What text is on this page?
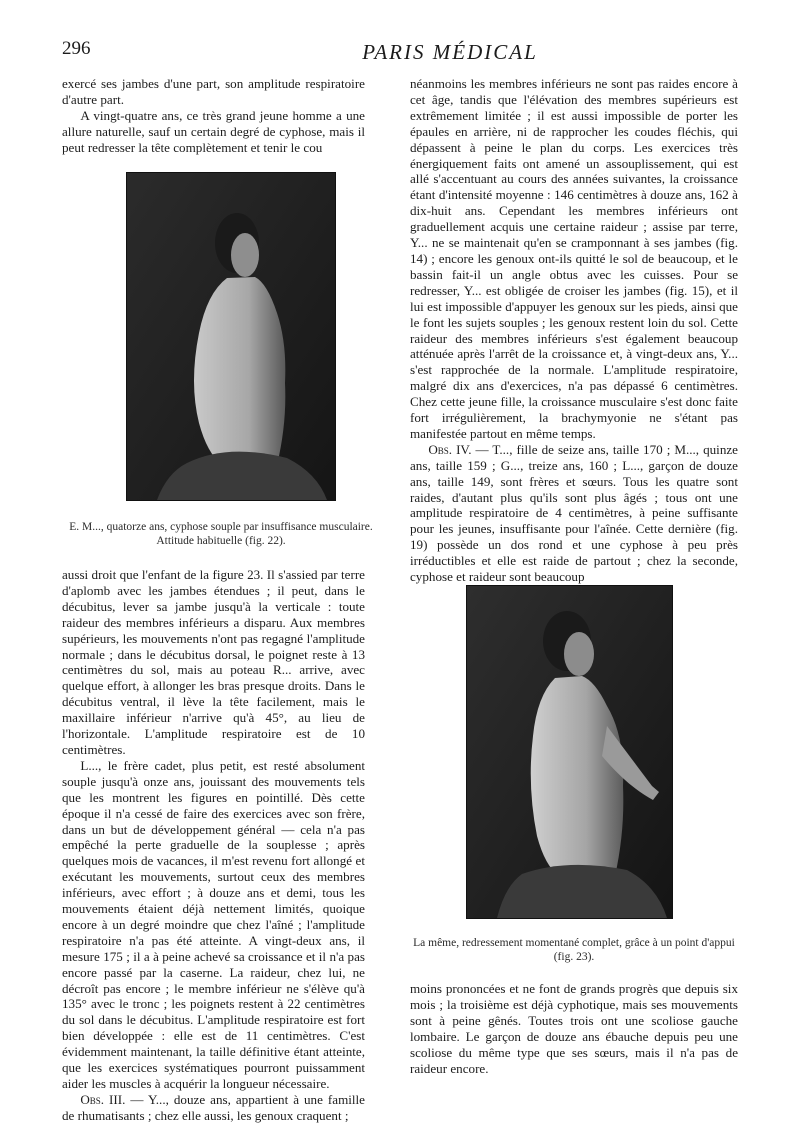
296	PARIS MÉDICAL

exercé ses jambes d'une part, son amplitude respiratoire d'autre part.

A vingt-quatre ans, ce très grand jeune homme a une allure naturelle, sauf un certain degré de cyphose, mais il peut redresser la tête complètement et tenir le cou

E. M..., quatorze ans, cyphose souple par insuffisance musculaire. Attitude habituelle (fig. 22).

aussi droit que l'enfant de la figure 23. Il s'assied par terre d'aplomb avec les jambes étendues ; il peut, dans le décubitus, lever sa jambe jusqu'à la verticale : toute raideur des membres inférieurs a disparu. Aux membres supérieurs, les mouvements n'ont pas regagné l'amplitude normale ; dans le décubitus dorsal, le poignet reste à 13 centimètres du sol, mais au poteau R... arrive, avec quelque effort, à allonger les bras presque droits. Dans le décubitus ventral, il lève la tête facilement, mais le maxillaire inférieur n'arrive qu'à 45°, au lieu de l'horizontale. L'amplitude respiratoire est de 10 centimètres.

L..., le frère cadet, plus petit, est resté absolument souple jusqu'à onze ans, jouissant des mouvements tels que les montrent les figures en pointillé. Dès cette époque il n'a cessé de faire des exercices avec son frère, dans un but de développement général — cela n'a pas empêché la perte graduelle de la souplesse ; après quelques mois de vacances, il m'est revenu fort allongé et exécutant les mouvements, surtout ceux des membres inférieurs, avec effort ; à douze ans et demi, tous les mouvements étaient déjà nettement limités, quoique encore à un degré moindre que chez l'aîné ; l'amplitude respiratoire n'a pas été atteinte. A vingt-deux ans, il mesure 175 ; il a à peine achevé sa croissance et il n'a pas encore passé par la caserne. La raideur, chez lui, ne décroît pas encore ; le membre inférieur ne s'élève qu'à 135° avec le tronc ; les poignets restent à 22 centimètres du sol dans le décubitus. L'amplitude respiratoire est fort bien développée : elle est de 11 centimètres. C'est évidemment maintenant, la taille définitive étant atteinte, que les exercices systématiques pourront puissamment aider les muscles à acquérir la longueur nécessaire.

Obs. III. — Y..., douze ans, appartient à une famille de rhumatisants ; chez elle aussi, les genoux craquent ;

néanmoins les membres inférieurs ne sont pas raides encore à cet âge, tandis que l'élévation des membres supérieurs est extrêmement limitée ; il est aussi impossible de porter les épaules en arrière, ni de rapprocher les coudes fléchis, qui dépassent à peine le plan du corps. Les exercices très énergiquement faits ont amené un assouplissement, qui est allé s'accentuant au cours des années suivantes, la croissance étant d'intensité moyenne : 146 centimètres à douze ans, 162 à dix-huit ans. Cependant les membres inférieurs ont graduellement acquis une certaine raideur ; assise par terre, Y... ne se maintenait qu'en se cramponnant à ses jambes (fig. 14) ; encore les genoux ont-ils quitté le sol de beaucoup, et le bassin fait-il un angle obtus avec les cuisses. Pour se redresser, Y... est obligée de croiser les jambes (fig. 15), et il lui est impossible d'appuyer les genoux sur les pieds, ainsi que le font les sujets souples ; les genoux restent loin du sol. Cette raideur des membres inférieurs s'est également beaucoup atténuée après l'arrêt de la croissance et, à vingt-deux ans, Y... s'est rapprochée de la normale. L'amplitude respiratoire, malgré dix ans d'exercices, n'a pas dépassé 6 centimètres. Chez cette jeune fille, la croissance musculaire s'est donc faite fort irrégulièrement, la brachymyonie ne s'étant pas manifestée partout en même temps.

Obs. IV. — T..., fille de seize ans, taille 170 ; M..., quinze ans, taille 159 ; G..., treize ans, 160 ; L..., garçon de douze ans, taille 149, sont frères et sœurs. Tous les quatre sont raides, d'autant plus qu'ils sont plus âgés ; tous ont une amplitude respiratoire de 4 centimètres, à peine suffisante pour les jeunes, insuffisante pour l'aînée. Cette dernière (fig. 19) possède un dos rond et une cyphose à peu près irréductibles et elle est raide de partout ; chez la seconde, cyphose et raideur sont beaucoup

La même, redressement momentané complet, grâce à un point d'appui (fig. 23).

moins prononcées et ne font de grands progrès que depuis six mois ; la troisième est déjà cyphotique, mais ses mouvements sont à peine gênés. Toutes trois ont une scoliose gauche lombaire. Le garçon de douze ans ébauche depuis peu une scoliose du même type que ses sœurs, mais il n'a pas de raideur encore.
